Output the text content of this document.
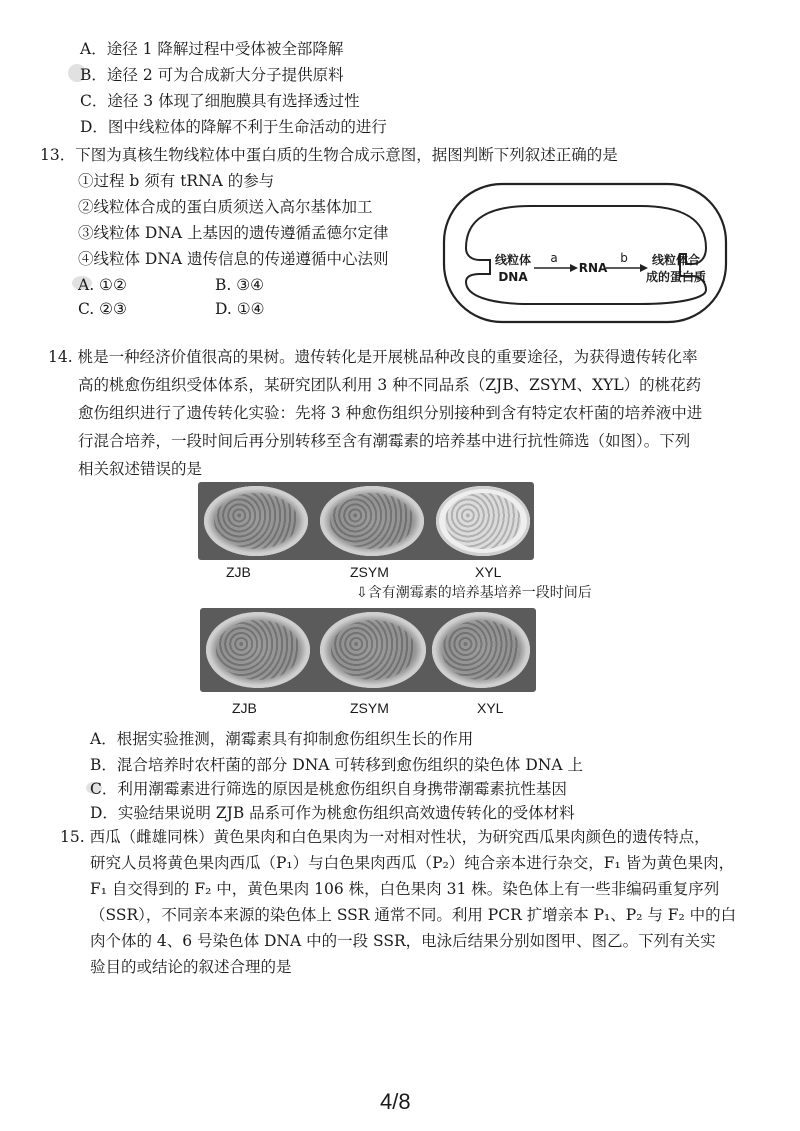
A．途径 1 降解过程中受体被全部降解
B．途径 2 可为合成新大分子提供原料
C．途径 3 体现了细胞膜具有选择透过性
D．图中线粒体的降解不利于生命活动的进行
13．下图为真核生物线粒体中蛋白质的生物合成示意图，据图判断下列叙述正确的是
①过程 b 须有 tRNA 的参与
②线粒体合成的蛋白质须送入高尔基体加工
③线粒体 DNA 上基因的遗传遵循孟德尔定律
④线粒体 DNA 遗传信息的传递遵循中心法则
A. ①②	B. ③④
C. ②③	D. ①④
线粒体
DNA
a
RNA
b	线粒体合
成的蛋白质
14. 桃是一种经济价值很高的果树。遗传转化是开展桃品种改良的重要途径，为获得遗传转化率
高的桃愈伤组织受体体系，某研究团队利用 3 种不同品系（ZJB、ZSYM、XYL）的桃花药
愈伤组织进行了遗传转化实验：先将 3 种愈伤组织分别接种到含有特定农杆菌的培养液中进
行混合培养，一段时间后再分别转移至含有潮霉素的培养基中进行抗性筛选（如图）。下列
相关叙述错误的是
ZJB	ZSYM	XYL
⇩含有潮霉素的培养基培养一段时间后
ZJB	ZSYM	XYL
A．根据实验推测，潮霉素具有抑制愈伤组织生长的作用
B．混合培养时农杆菌的部分 DNA 可转移到愈伤组织的染色体 DNA 上
C．利用潮霉素进行筛选的原因是桃愈伤组织自身携带潮霉素抗性基因
D．实验结果说明 ZJB 品系可作为桃愈伤组织高效遗传转化的受体材料
15. 西瓜（雌雄同株）黄色果肉和白色果肉为一对相对性状，为研究西瓜果肉颜色的遗传特点，
研究人员将黄色果肉西瓜（P₁）与白色果肉西瓜（P₂）纯合亲本进行杂交，F₁ 皆为黄色果肉，
F₁ 自交得到的 F₂ 中，黄色果肉 106 株，白色果肉 31 株。染色体上有一些非编码重复序列
（SSR），不同亲本来源的染色体上 SSR 通常不同。利用 PCR 扩增亲本 P₁、P₂ 与 F₂ 中的白
肉个体的 4、6 号染色体 DNA 中的一段 SSR，电泳后结果分别如图甲、图乙。下列有关实
验目的或结论的叙述合理的是
4/8
